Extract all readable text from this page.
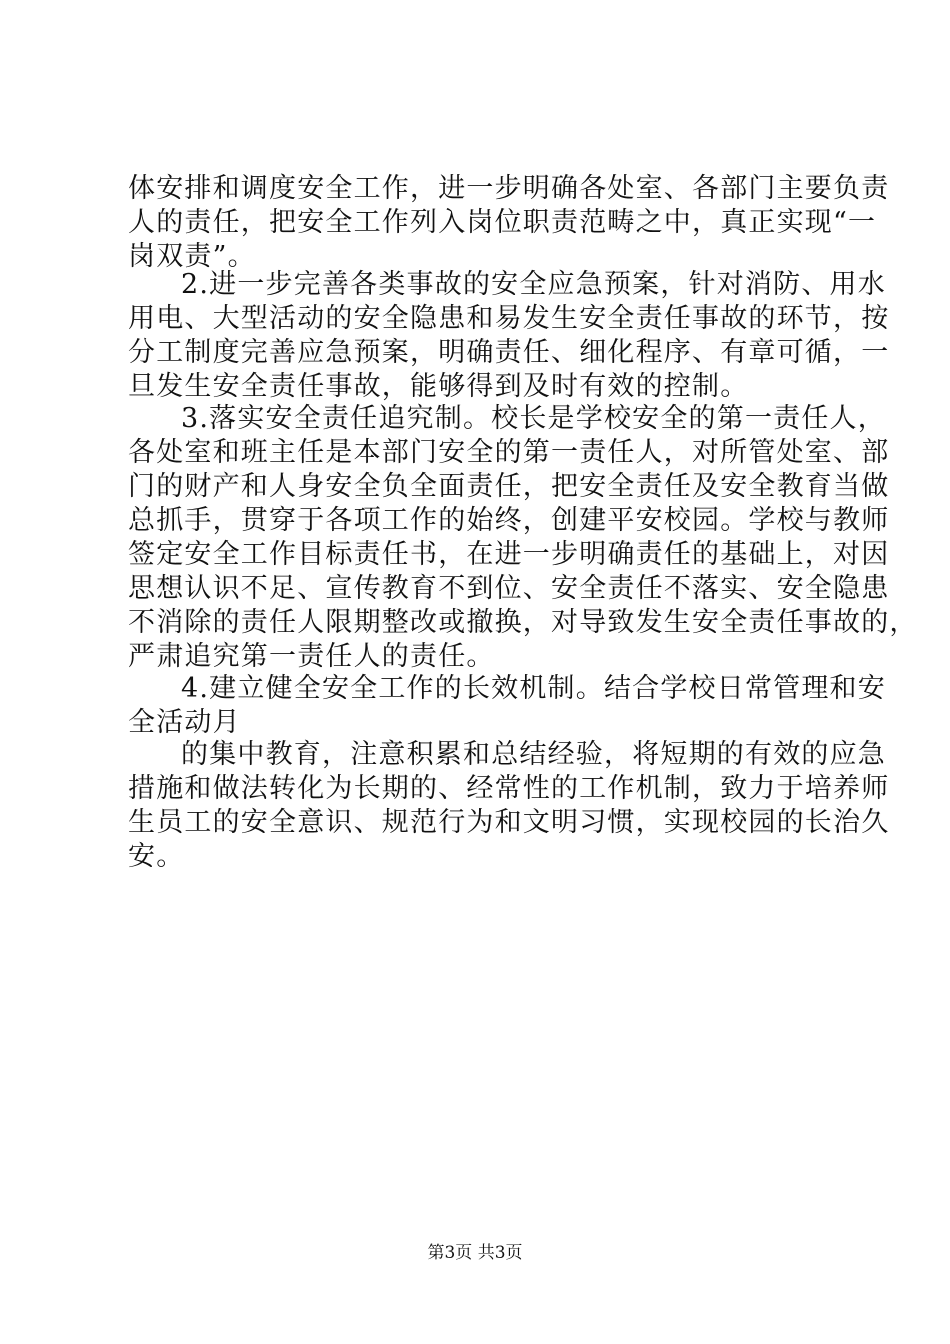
体安排和调度安全工作，进一步明确各处室、各部门主要负责
人的责任，把安全工作列入岗位职责范畴之中，真正实现“一
岗双责”。
2.进一步完善各类事故的安全应急预案，针对消防、用水
用电、大型活动的安全隐患和易发生安全责任事故的环节，按
分工制度完善应急预案，明确责任、细化程序、有章可循，一
旦发生安全责任事故，能够得到及时有效的控制。
3.落实安全责任追究制。校长是学校安全的第一责任人，
各处室和班主任是本部门安全的第一责任人，对所管处室、部
门的财产和人身安全负全面责任，把安全责任及安全教育当做
总抓手，贯穿于各项工作的始终，创建平安校园。学校与教师
签定安全工作目标责任书，在进一步明确责任的基础上，对因
思想认识不足、宣传教育不到位、安全责任不落实、安全隐患
不消除的责任人限期整改或撤换，对导致发生安全责任事故的，
严肃追究第一责任人的责任。
4.建立健全安全工作的长效机制。结合学校日常管理和安
全活动月
的集中教育，注意积累和总结经验，将短期的有效的应急
措施和做法转化为长期的、经常性的工作机制，致力于培养师
生员工的安全意识、规范行为和文明习惯，实现校园的长治久
安。
第3页 共3页
